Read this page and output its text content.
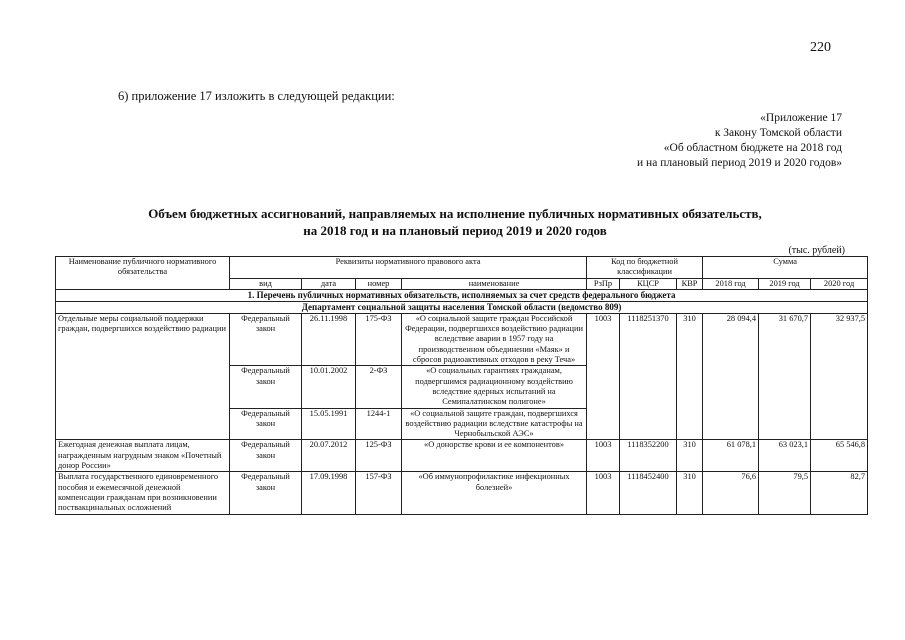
220
6) приложение 17 изложить в следующей редакции:
«Приложение 17
к Закону Томской области
«Об областном бюджете на 2018 год
и на плановый период 2019 и 2020 годов»
Объем бюджетных ассигнований, направляемых на исполнение публичных нормативных обязательств,
на 2018 год и на плановый период 2019 и 2020 годов
(тыс. рублей)
Наименование публичного нормативного обязательства	Реквизиты нормативного правового акта				Код по бюджетной классификации			Сумма		
	вид	дата	номер	наименование	РзПр	КЦСР	КВР	2018 год	2019 год	2020 год
1. Перечень публичных нормативных обязательств, исполняемых за счет средств федерального бюджета										
Департамент социальной защиты населения Томской области (ведомство 809)										
Отдельные меры социальной поддержки граждан, подвергшихся воздействию радиации	Федеральный закон	26.11.1998	175-ФЗ	«О социальной защите граждан Российской Федерации, подвергшихся воздействию радиации вследствие аварии в 1957 году на производственном объединении «Маяк» и сбросов радиоактивных отходов в реку Теча»	1003	1118251370	310	28 094,4	31 670,7	32 937,5
	Федеральный закон	10.01.2002	2-ФЗ	«О социальных гарантиях гражданам, подвергшимся радиационному воздействию вследствие ядерных испытаний на Семипалатинском полигоне»						
	Федеральный закон	15.05.1991	1244-1	«О социальной защите граждан, подвергшихся воздействию радиации вследствие катастрофы на Чернобыльской АЭС»						
Ежегодная денежная выплата лицам, награжденным нагрудным знаком «Почетный донор России»	Федеральный закон	20.07.2012	125-ФЗ	«О донорстве крови и ее компонентов»	1003	1118352200	310	61 078,1	63 023,1	65 546,8
Выплата государственного единовременного пособия и ежемесячной денежной компенсации гражданам при возникновении поствакцинальных осложнений	Федеральный закон	17.09.1998	157-ФЗ	«Об иммунопрофилактике инфекционных болезней»	1003	1118452400	310	76,6	79,5	82,7
